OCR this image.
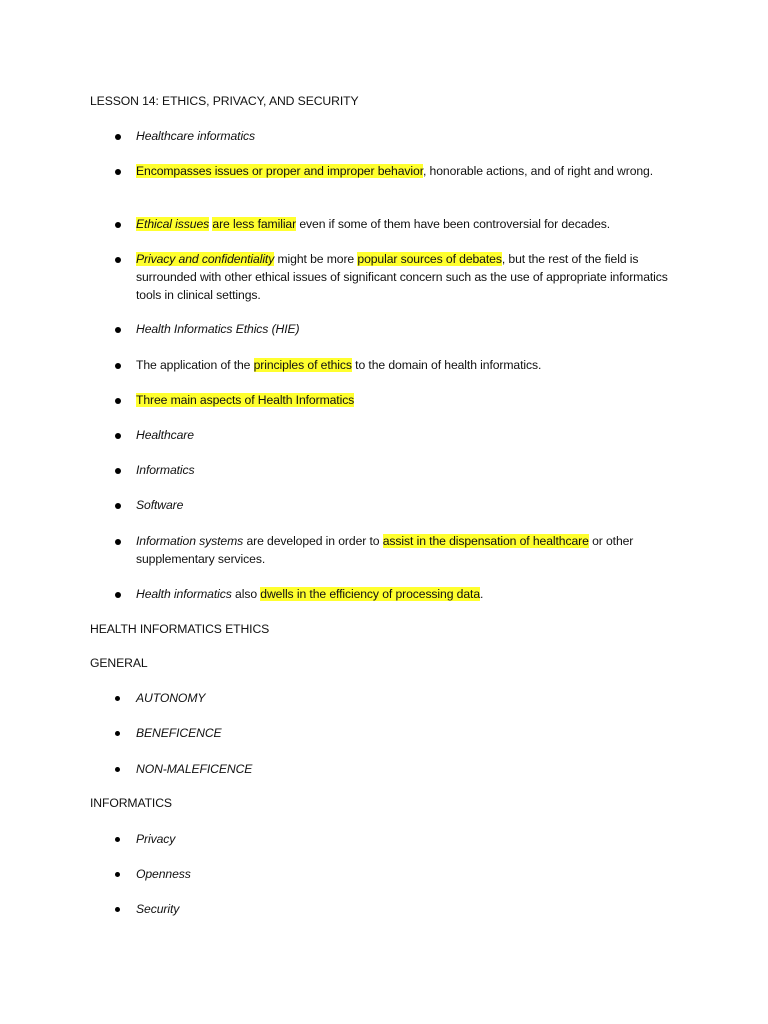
LESSON 14: ETHICS, PRIVACY, AND SECURITY
Healthcare informatics
Encompasses issues or proper and improper behavior, honorable actions, and of right and wrong.
Ethical issues are less familiar even if some of them have been controversial for decades.
Privacy and confidentiality might be more popular sources of debates, but the rest of the field is surrounded with other ethical issues of significant concern such as the use of appropriate informatics tools in clinical settings.
Health Informatics Ethics (HIE)
The application of the principles of ethics to the domain of health informatics.
Three main aspects of Health Informatics
Healthcare
Informatics
Software
Information systems are developed in order to assist in the dispensation of healthcare or other supplementary services.
Health informatics also dwells in the efficiency of processing data.
HEALTH INFORMATICS ETHICS
GENERAL
AUTONOMY
BENEFICENCE
NON-MALEFICENCE
INFORMATICS
Privacy
Openness
Security
